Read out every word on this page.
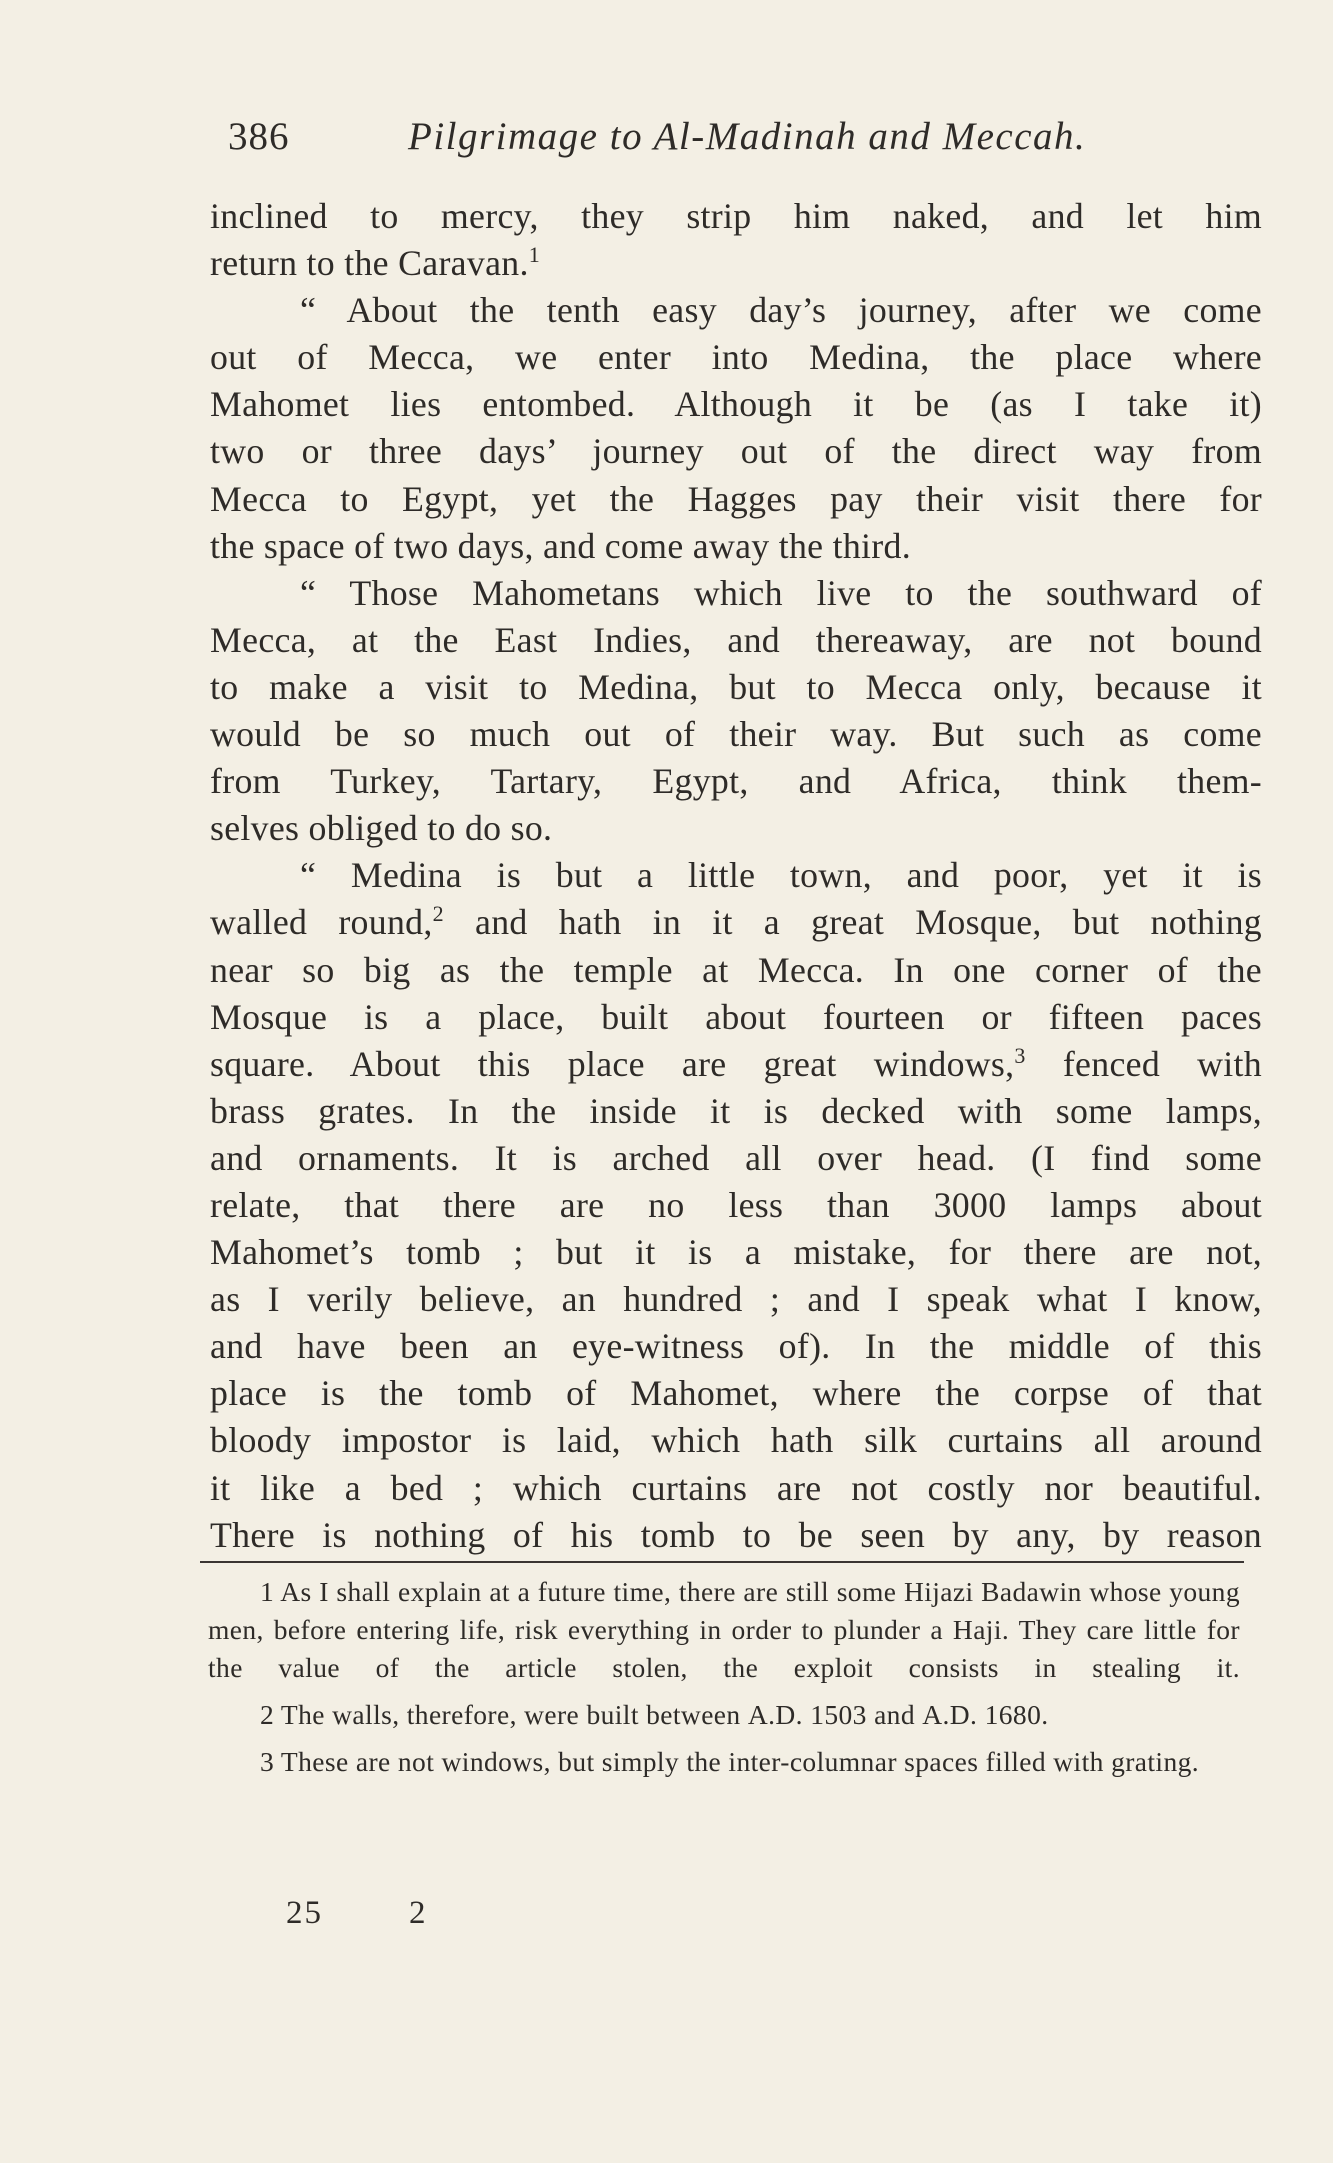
386	Pilgrimage to Al-Madinah and Meccah.
inclined to mercy, they strip him naked, and let him
return to the Caravan.$^1$
“ About the tenth easy day’s journey, after we come
out of Mecca, we enter into Medina, the place where
Mahomet lies entombed. Although it be (as I take it)
two or three days’ journey out of the direct way from
Mecca to Egypt, yet the Hagges pay their visit there for
the space of two days, and come away the third.
“ Those Mahometans which live to the southward of
Mecca, at the East Indies, and thereaway, are not bound
to make a visit to Medina, but to Mecca only, because it
would be so much out of their way. But such as come
from Turkey, Tartary, Egypt, and Africa, think them-
selves obliged to do so.
“ Medina is but a little town, and poor, yet it is
walled round,$^2$ and hath in it a great Mosque, but nothing
near so big as the temple at Mecca. In one corner of the
Mosque is a place, built about fourteen or fifteen paces
square. About this place are great windows,$^3$ fenced with
brass grates. In the inside it is decked with some lamps,
and ornaments. It is arched all over head. (I find some
relate, that there are no less than 3000 lamps about
Mahomet’s tomb ; but it is a mistake, for there are not,
as I verily believe, an hundred ; and I speak what I know,
and have been an eye-witness of). In the middle of this
place is the tomb of Mahomet, where the corpse of that
bloody impostor is laid, which hath silk curtains all around
it like a bed ; which curtains are not costly nor beautiful.
There is nothing of his tomb to be seen by any, by reason

1 As I shall explain at a future time, there are still some Hijazi Badawin whose young men, before entering life, risk everything in order to plunder a Haji. They care little for the value of the article stolen, the exploit consists in stealing it.

2 The walls, therefore, were built between A.D. 1503 and A.D. 1680.

3 These are not windows, but simply the inter-columnar spaces filled with grating.

25	2
